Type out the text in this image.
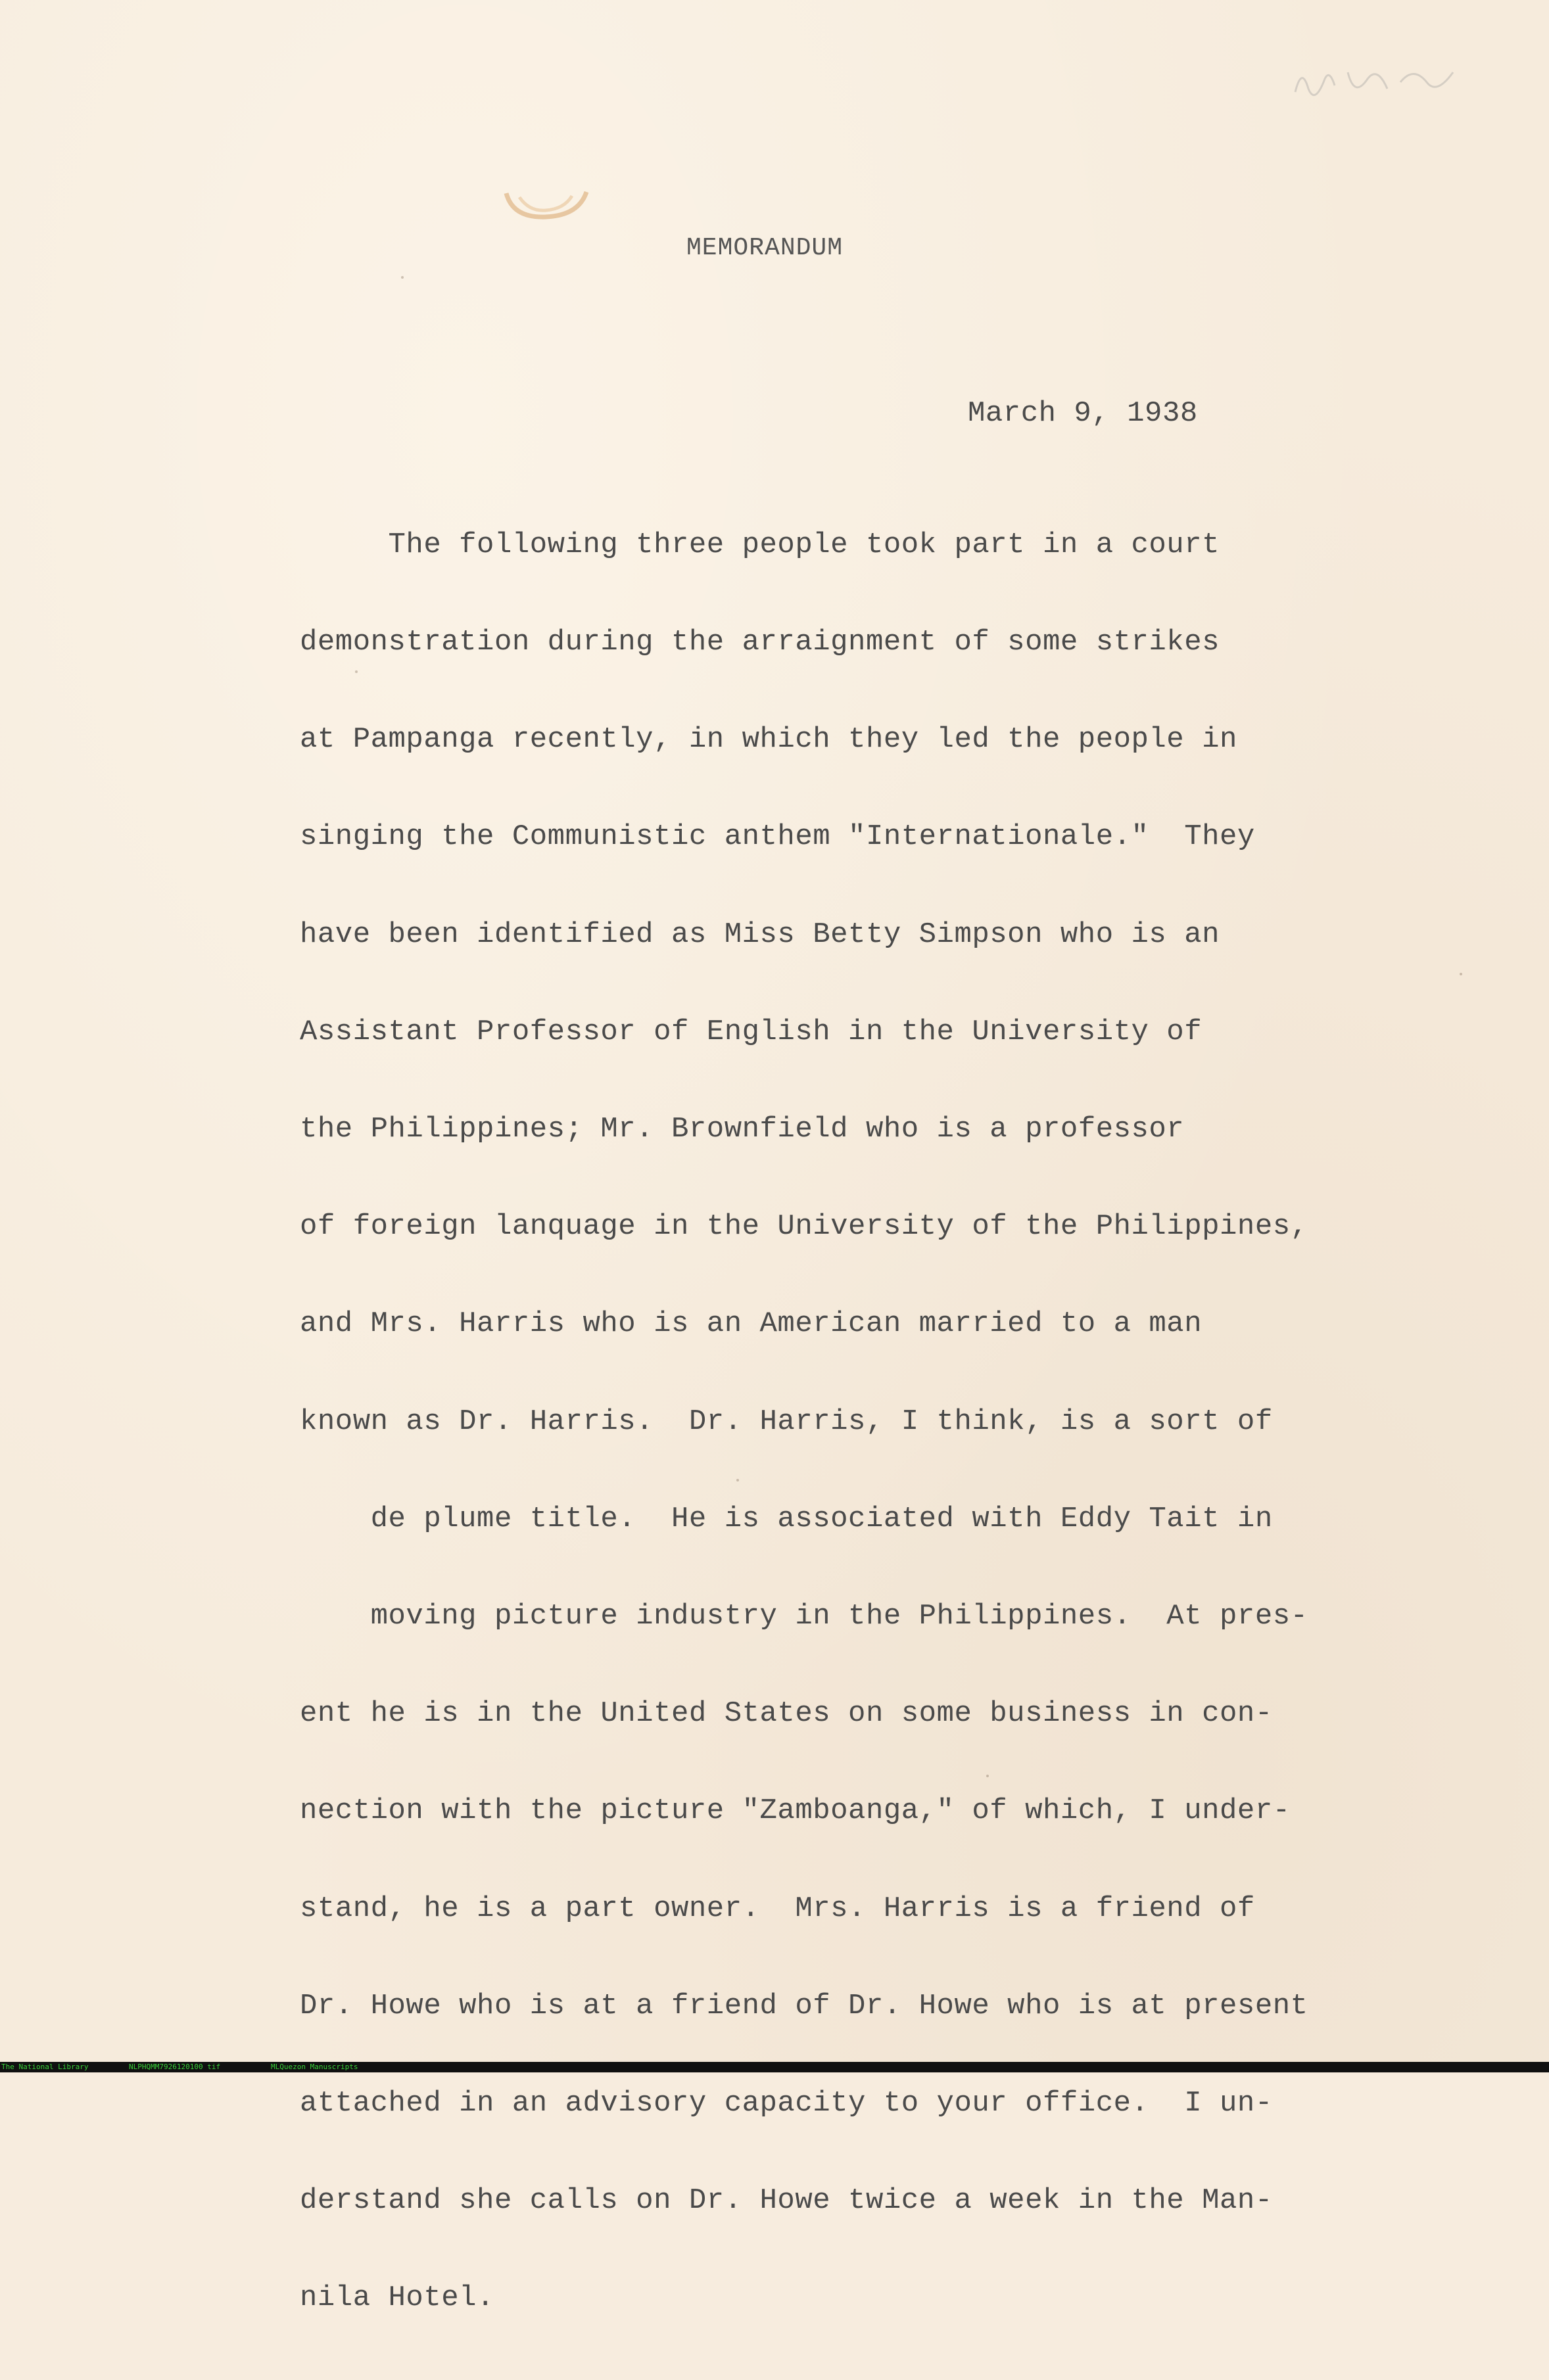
MEMORANDUM

March 9, 1938

The following three people took part in a court

demonstration during the arraignment of some strikes

at Pampanga recently, in which they led the people in

singing the Communistic anthem "Internationale."  They

have been identified as Miss Betty Simpson who is an

Assistant Professor of English in the University of

the Philippines; Mr. Brownfield who is a professor

of foreign lanquage in the University of the Philippines,

and Mrs. Harris who is an American married to a man

known as Dr. Harris.  Dr. Harris, I think, is a sort of

de plume title.  He is associated with Eddy Tait in

moving picture industry in the Philippines.  At pres-

ent he is in the United States on some business in con-

nection with the picture "Zamboanga," of which, I under-

stand, he is a part owner.  Mrs. Harris is a friend of

Dr. Howe who is at a friend of Dr. Howe who is at present

attached in an advisory capacity to your office.  I un-

derstand she calls on Dr. Howe twice a week in the Man-

nila Hotel.

The National Library	NLPHQMM7926120100 tif	MLQuezon Manuscripts
